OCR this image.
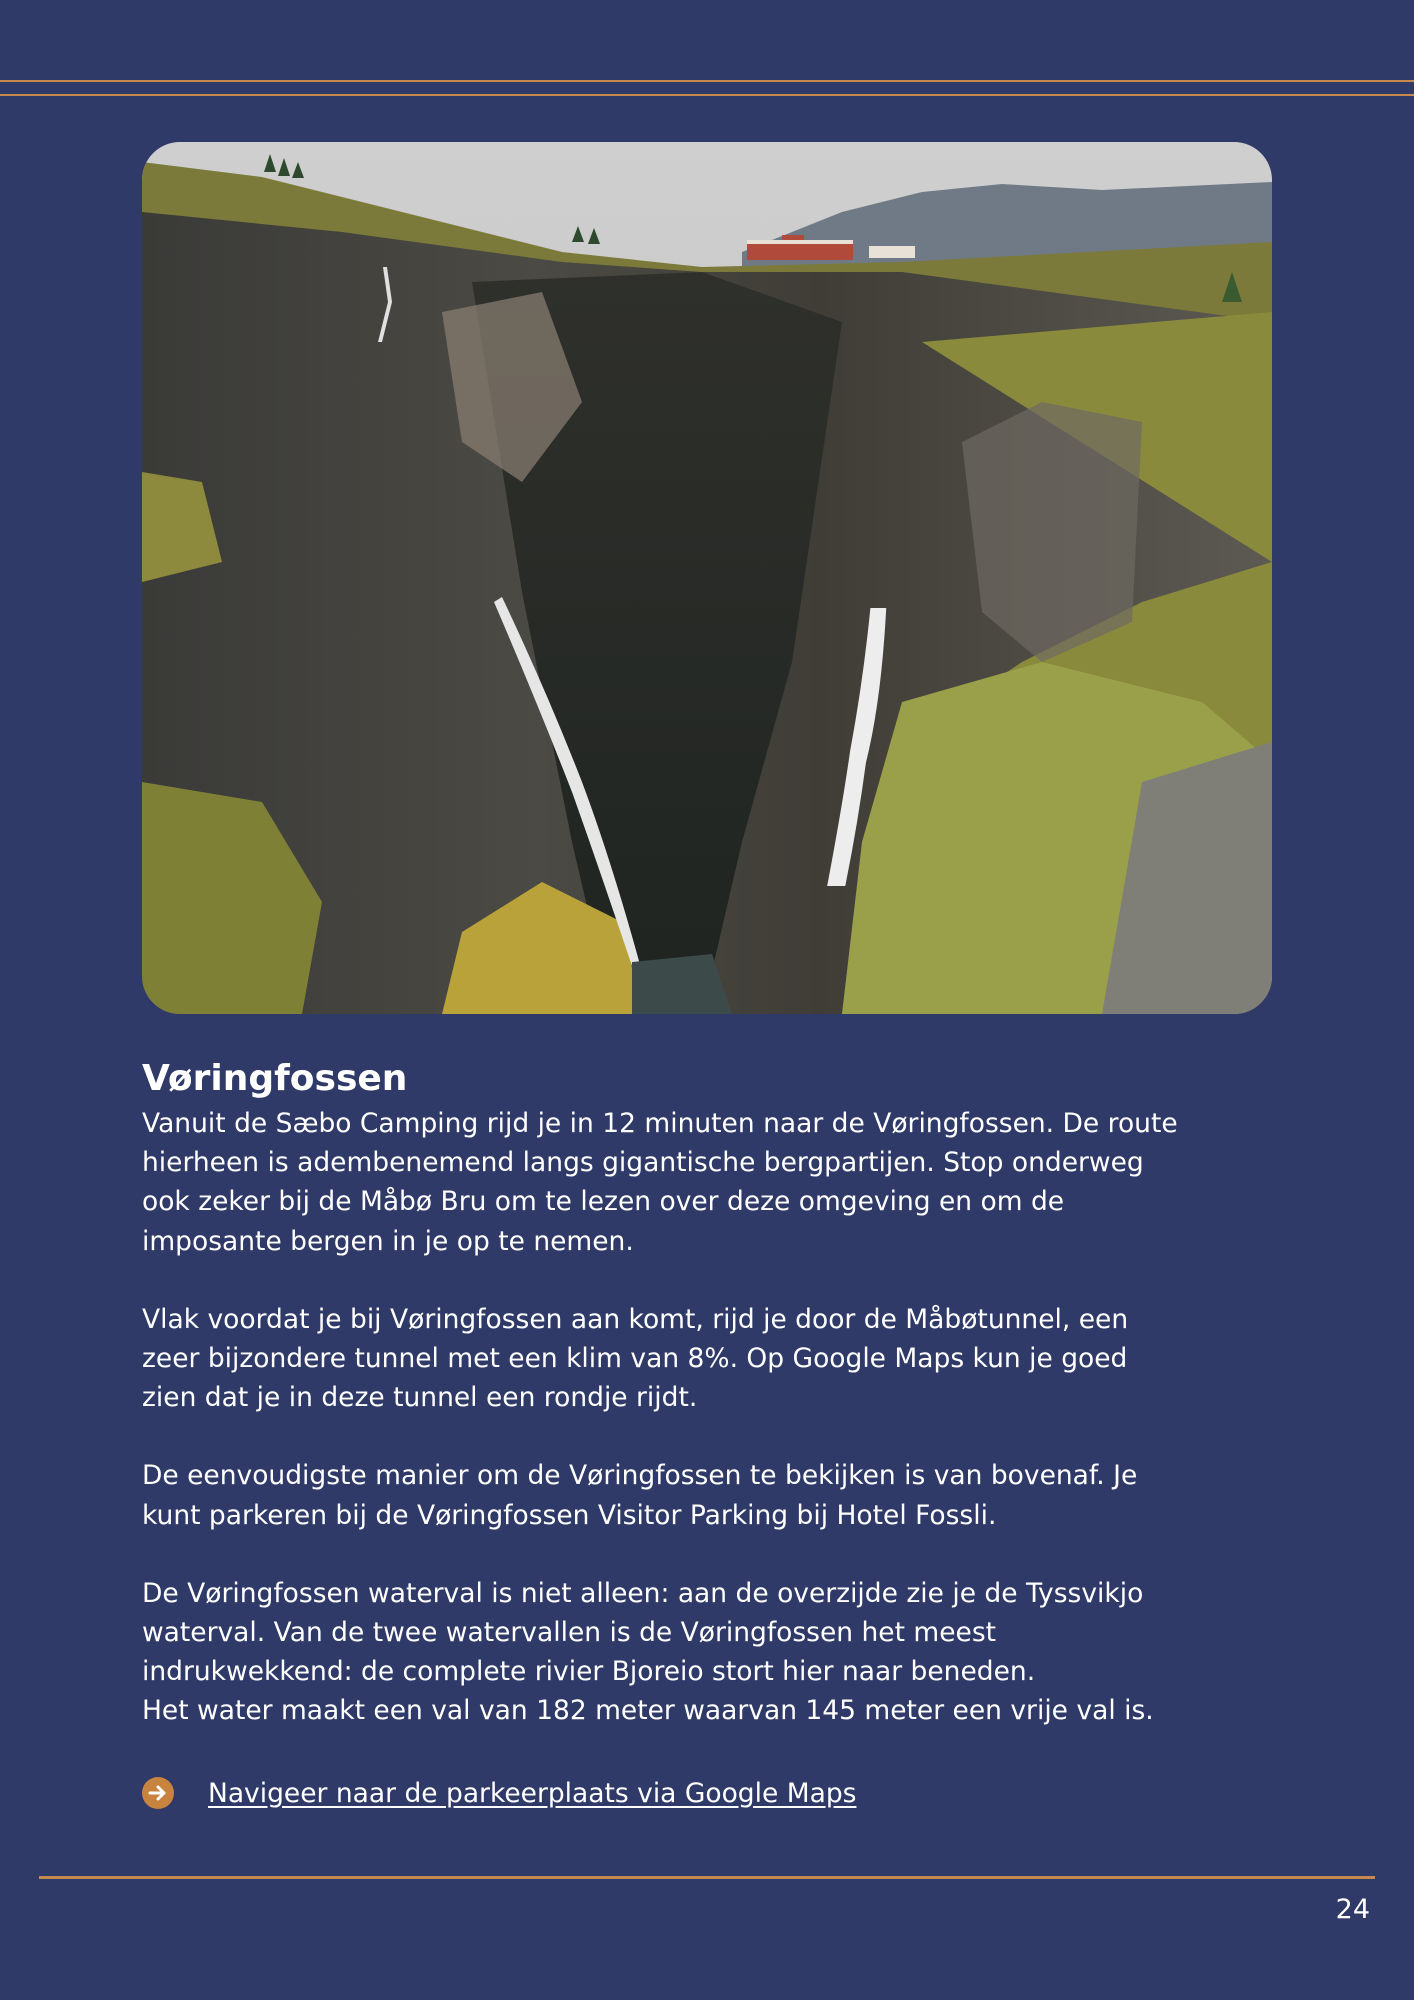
Vøringfossen

Vanuit de Sæbo Camping rijd je in 12 minuten naar de Vøringfossen. De route
hierheen is adembenemend langs gigantische bergpartijen. Stop onderweg
ook zeker bij de Måbø Bru om te lezen over deze omgeving en om de
imposante bergen in je op te nemen.

Vlak voordat je bij Vøringfossen aan komt, rijd je door de Måbøtunnel, een
zeer bijzondere tunnel met een klim van 8%. Op Google Maps kun je goed
zien dat je in deze tunnel een rondje rijdt.

De eenvoudigste manier om de Vøringfossen te bekijken is van bovenaf. Je
kunt parkeren bij de Vøringfossen Visitor Parking bij Hotel Fossli.

De Vøringfossen waterval is niet alleen: aan de overzijde zie je de Tyssvikjo
waterval. Van de twee watervallen is de Vøringfossen het meest
indrukwekkend: de complete rivier Bjoreio stort hier naar beneden.
Het water maakt een val van 182 meter waarvan 145 meter een vrije val is.

Navigeer naar de parkeerplaats via Google Maps
24
